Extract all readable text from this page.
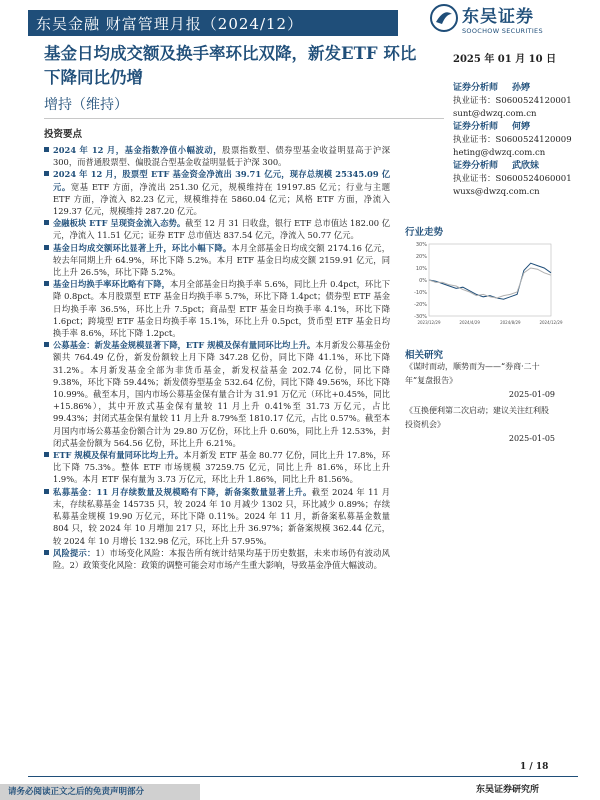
东吴金融 财富管理月报（2024/12）	东吴证券
SOOCHOW SECURITIES
基金日均成交额及换手率环比双降，新发ETF 环比下降同比仍增
2025 年 01 月 10 日
增持（维持）
证券分析师 孙婷
执业证书：S0600524120001
sunt@dwzq.com.cn
证券分析师 何婷
执业证书：S0600524120009
heting@dwzq.com.cn
证券分析师 武欣妹
执业证书：S0600524060001
wuxs@dwzq.com.cn
投资要点
2024 年 12 月，基金指数净值小幅波动，股票指数型、债券型基金收益明显高于沪深 300，而普通股票型、偏股混合型基金收益明显低于沪深 300。
2024 年 12 月，股票型 ETF 基金资金净流出 39.71 亿元，现存总规模 25345.09 亿元。宽基 ETF 方面，净流出 251.30 亿元，规模维持在 19197.85 亿元；行业与主题 ETF 方面，净流入 82.23 亿元，规模维持在 5860.04 亿元；风格 ETF 方面，净流入 129.37 亿元，规模维持 287.20 亿元。
金融板块 ETF 呈现资金流入态势。截至 12 月 31 日收盘，银行 ETF 总市值达 182.00 亿元，净流入 11.51 亿元；证券 ETF 总市值达 837.54 亿元，净流入 50.77 亿元。
基金日均成交额环比显著上升，环比小幅下降。本月全部基金日均成交额 2174.16 亿元，较去年同期上升 64.9%，环比下降 5.2%。本月 ETF 基金日均成交额 2159.91 亿元，同比上升 26.5%，环比下降 5.2%。
基金日均换手率环比略有下降，本月全部基金日均换手率 5.6%，同比上升 0.4pct，环比下降 0.8pct。本月股票型 ETF 基金日均换手率 5.7%，环比下降 1.4pct；债券型 ETF 基金日均换手率 36.5%，环比上升 7.5pct；商品型 ETF 基金日均换手率 4.1%，环比下降 1.6pct；跨境型 ETF 基金日均换手率 15.1%，环比上升 0.5pct，货币型 ETF 基金日均换手率 8.6%，环比下降 1.2pct。
公募基金：新发基金规模显著下降，ETF 规模及保有量同环比均上升。本月新发公募基金份额共 764.49 亿份，新发份额较上月下降 347.28 亿份，同比下降 41.1%，环比下降 31.2%。本月新发基金全部为非货币基金，新发权益基金 202.74 亿份，同比下降 9.38%，环比下降 59.44%；新发债券型基金 532.64 亿份，同比下降 49.56%，环比下降 10.99%。截至本月，国内市场公募基金保有量合计为 31.91 万亿元（环比+0.45%，同比+15.86%），其中开放式基金保有量较 11 月上升 0.41%至 31.73 万亿元，占比 99.43%；封闭式基金保有量较 11 月上升 8.79%至 1810.17 亿元，占比 0.57%。截至本月国内市场公募基金份额合计为 29.80 万亿份，环比上升 0.60%，同比上升 12.53%，封闭式基金份额为 564.56 亿份，环比上升 6.21%。
ETF 规模及保有量同环比均上升。本月新发 ETF 基金 80.77 亿份，同比上升 17.8%，环比下降 75.3%。整体 ETF 市场规模 37259.75 亿元，同比上升 81.6%，环比上升 1.9%。本月 ETF 保有量为 3.73 万亿元，环比上升 1.86%，同比上升 81.56%。
私募基金：11 月存续数量及规模略有下降，新备案数量显著上升。截至 2024 年 11 月末，存续私募基金 145735 只，较 2024 年 10 月减少 1302 只，环比减少 0.89%；存续私募基金规模 19.90 万亿元，环比下降 0.11%。2024 年 11 月，新备案私募基金数量 804 只，较 2024 年 10 月增加 217 只，环比上升 36.97%；新备案规模 362.44 亿元，较 2024 年 10 月增长 132.98 亿元，环比上升 57.95%。
风险提示：1）市场变化风险：本报告所有统计结果均基于历史数据，未来市场仍有波动风险。2）政策变化风险：政策的调整可能会对市场产生重大影响，导致基金净值大幅波动。
行业走势
30%
20%
10%
0%
-10%
-20%
-30%
2023/12/29	2024/4/29	2024/8/29	2024/12/29
相关研究
《谋时而动，顺势而为——“券商·二十年”复盘报告》
2025-01-09
《互换便利第二次启动；建议关注红利股投资机会》
2025-01-05
1 / 18
东吴证券研究所
请务必阅读正文之后的免责声明部分
